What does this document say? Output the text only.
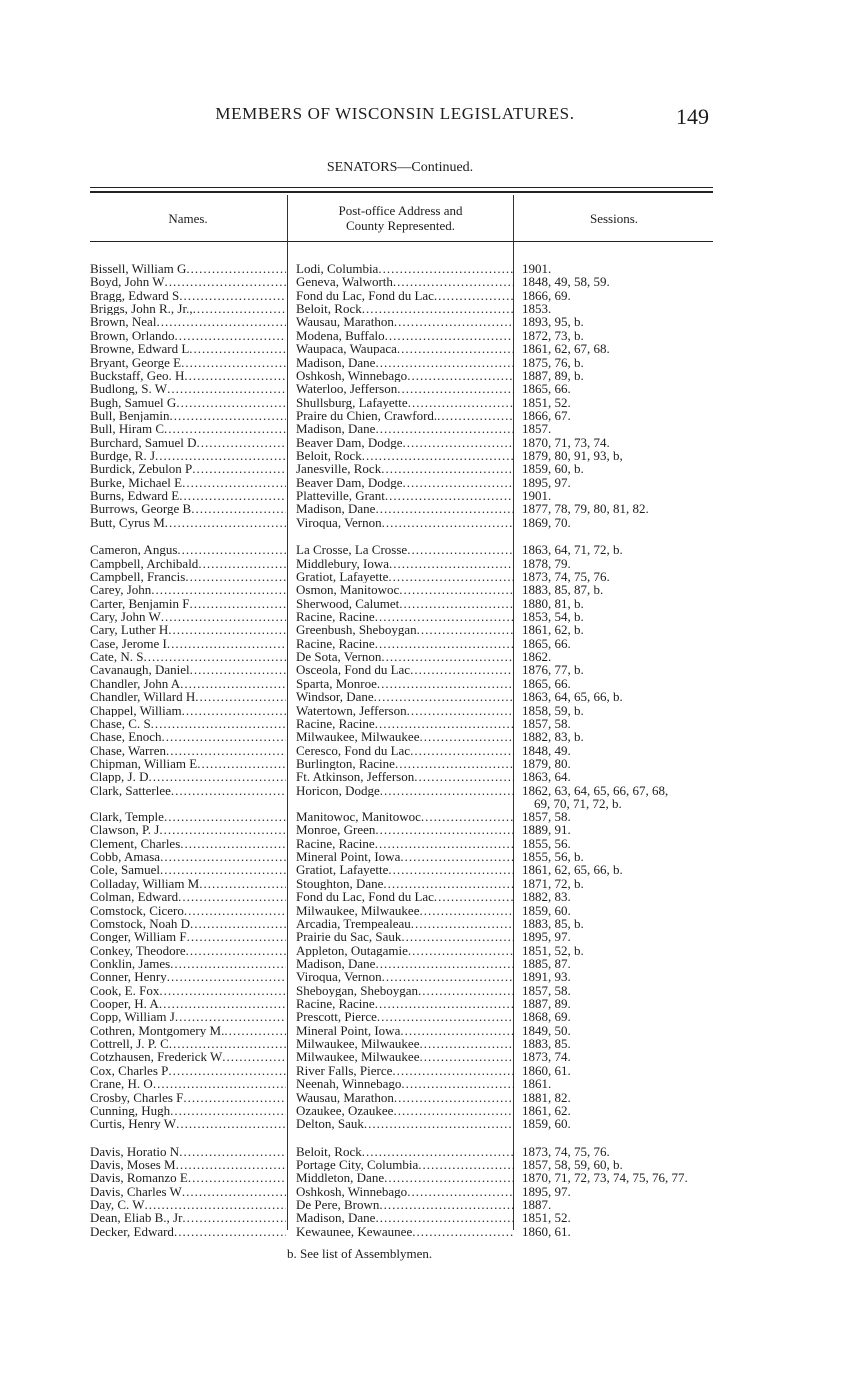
MEMBERS OF WISCONSIN LEGISLATURES.	149
SENATORS—Continued.
Names.	Post-office Address and
County Represented.	Sessions.
Bissell, William G .....	Lodi, Columbia .....	1901.
Boyd, John W .....	Geneva, Walworth .....	1848, 49, 58, 59.
Bragg, Edward S .....	Fond du Lac, Fond du Lac .....	1866, 69.
Briggs, John R., Jr., .....	Beloit, Rock .....	1853.
Brown, Neal .....	Wausau, Marathon .....	1893, 95, b.
Brown, Orlando .....	Modena, Buffalo .....	1872, 73, b.
Browne, Edward L .....	Waupaca, Waupaca .....	1861, 62, 67, 68.
Bryant, George E .....	Madison, Dane .....	1875, 76, b.
Buckstaff, Geo. H .....	Oshkosh, Winnebago .....	1887, 89, b.
Budlong, S. W .....	Waterloo, Jefferson .....	1865, 66.
Bugh, Samuel G .....	Shullsburg, Lafayette .....	1851, 52.
Bull, Benjamin .....	Praire du Chien, Crawford. .....	1866, 67.
Bull, Hiram C .....	Madison, Dane .....	1857.
Burchard, Samuel D .....	Beaver Dam, Dodge .....	1870, 71, 73, 74.
Burdge, R. J .....	Beloit, Rock .....	1879, 80, 91, 93, b,
Burdick, Zebulon P .....	Janesville, Rock .....	1859, 60, b.
Burke, Michael E .....	Beaver Dam, Dodge .....	1895, 97.
Burns, Edward E .....	Platteville, Grant .....	1901.
Burrows, George B .....	Madison, Dane .....	1877, 78, 79, 80, 81, 82.
Butt, Cyrus M .....	Viroqua, Vernon .....	1869, 70.
Cameron, Angus .....	La Crosse, La Crosse .....	1863, 64, 71, 72, b.
Campbell, Archibald .....	Middlebury, Iowa .....	1878, 79.
Campbell, Francis .....	Gratiot, Lafayette .....	1873, 74, 75, 76.
Carey, John .....	Osmon, Manitowoc .....	1883, 85, 87, b.
Carter, Benjamin F .....	Sherwood, Calumet .....	1880, 81, b.
Cary, John W .....	Racine, Racine .....	1853, 54, b.
Cary, Luther H .....	Greenbush, Sheboygan .....	1861, 62, b.
Case, Jerome I .....	Racine, Racine .....	1865, 66.
Cate, N. S .....	De Sota, Vernon .....	1862.
Cavanaugh, Daniel .....	Osceola, Fond du Lac .....	1876, 77, b.
Chandler, John A .....	Sparta, Monroe .....	1865, 66.
Chandler, Willard H .....	Windsor, Dane .....	1863, 64, 65, 66, b.
Chappel, William .....	Watertown, Jefferson .....	1858, 59, b.
Chase, C. S .....	Racine, Racine .....	1857, 58.
Chase, Enoch .....	Milwaukee, Milwaukee .....	1882, 83, b.
Chase, Warren .....	Ceresco, Fond du Lac .....	1848, 49.
Chipman, William E .....	Burlington, Racine .....	1879, 80.
Clapp, J. D .....	Ft. Atkinson, Jefferson .....	1863, 64.
Clark, Satterlee .....	Horicon, Dodge .....	1862, 63, 64, 65, 66, 67, 68,
69, 70, 71, 72, b.
Clark, Temple .....	Manitowoc, Manitowoc .....	1857, 58.
Clawson, P. J .....	Monroe, Green .....	1889, 91.
Clement, Charles .....	Racine, Racine .....	1855, 56.
Cobb, Amasa .....	Mineral Point, Iowa .....	1855, 56, b.
Cole, Samuel .....	Gratiot, Lafayette .....	1861, 62, 65, 66, b.
Colladay, William M .....	Stoughton, Dane .....	1871, 72, b.
Colman, Edward .....	Fond du Lac, Fond du Lac .....	1882, 83.
Comstock, Cicero .....	Milwaukee, Milwaukee .....	1859, 60.
Comstock, Noah D .....	Arcadia, Trempealeau .....	1883, 85, b.
Conger, William F .....	Prairie du Sac, Sauk .....	1895, 97.
Conkey, Theodore .....	Appleton, Outagamie .....	1851, 52, b.
Conklin, James .....	Madison, Dane .....	1885, 87.
Conner, Henry .....	Viroqua, Vernon .....	1891, 93.
Cook, E. Fox .....	Sheboygan, Sheboygan .....	1857, 58.
Cooper, H. A .....	Racine, Racine .....	1887, 89.
Copp, William J .....	Prescott, Pierce .....	1868, 69.
Cothren, Montgomery M. .....	Mineral Point, Iowa .....	1849, 50.
Cottrell, J. P. C .....	Milwaukee, Milwaukee .....	1883, 85.
Cotzhausen, Frederick W .....	Milwaukee, Milwaukee .....	1873, 74.
Cox, Charles P .....	River Falls, Pierce .....	1860, 61.
Crane, H. O .....	Neenah, Winnebago .....	1861.
Crosby, Charles F .....	Wausau, Marathon .....	1881, 82.
Cunning, Hugh .....	Ozaukee, Ozaukee .....	1861, 62.
Curtis, Henry W .....	Delton, Sauk .....	1859, 60.
Davis, Horatio N .....	Beloit, Rock .....	1873, 74, 75, 76.
Davis, Moses M .....	Portage City, Columbia .....	1857, 58, 59, 60, b.
Davis, Romanzo E .....	Middleton, Dane .....	1870, 71, 72, 73, 74, 75, 76, 77.
Davis, Charles W .....	Oshkosh, Winnebago .....	1895, 97.
Day, C. W .....	De Pere, Brown .....	1887.
Dean, Eliab B., Jr .....	Madison, Dane .....	1851, 52.
Decker, Edward .....	Kewaunee, Kewaunee .....	1860, 61.
b. See list of Assemblymen.
